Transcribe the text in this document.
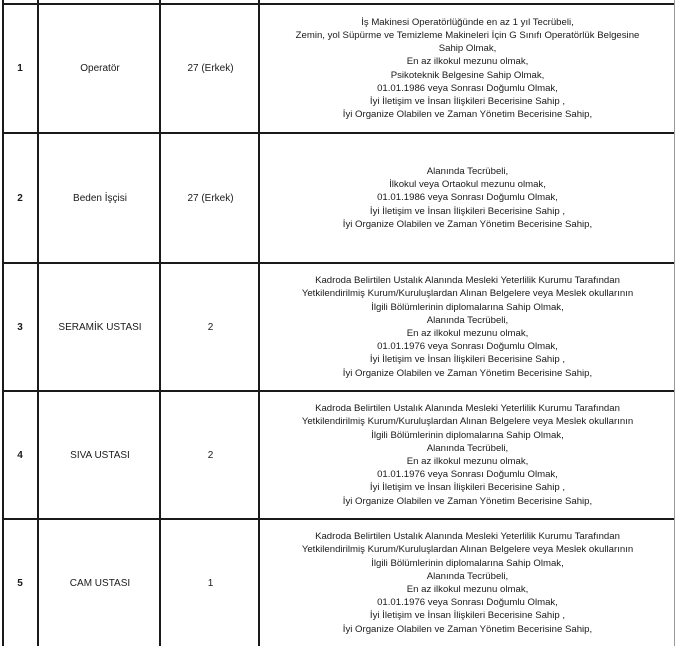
1	Operatör	27 (Erkek)
İş Makinesi Operatörlüğünde en az 1 yıl Tecrübeli,
Zemin, yol Süpürme ve Temizleme Makineleri İçin G Sınıfı Operatörlük Belgesine
Sahip Olmak,
En az ilkokul mezunu olmak,
Psikoteknik Belgesine Sahip Olmak,
01.01.1986 veya Sonrası Doğumlu Olmak,
İyi İletişim ve İnsan İlişkileri Becerisine Sahip ,
İyi Organize Olabilen ve Zaman Yönetim Becerisine Sahip,
2	Beden İşçisi	27 (Erkek)
Alanında Tecrübeli,
İlkokul veya Ortaokul mezunu olmak,
01.01.1986 veya Sonrası Doğumlu Olmak,
İyi İletişim ve İnsan İlişkileri Becerisine Sahip ,
İyi Organize Olabilen ve Zaman Yönetim Becerisine Sahip,
3	SERAMİK USTASI	2
Kadroda Belirtilen Ustalık Alanında Mesleki Yeterlilik Kurumu Tarafından
Yetkilendirilmiş Kurum/Kuruluşlardan Alınan Belgelere veya Meslek okullarının
İlgili Bölümlerinin diplomalarına Sahip Olmak,
Alanında Tecrübeli,
En az ilkokul mezunu olmak,
01.01.1976 veya Sonrası Doğumlu Olmak,
İyi İletişim ve İnsan İlişkileri Becerisine Sahip ,
İyi Organize Olabilen ve Zaman Yönetim Becerisine Sahip,
4	SIVA USTASI	2
Kadroda Belirtilen Ustalık Alanında Mesleki Yeterlilik Kurumu Tarafından
Yetkilendirilmiş Kurum/Kuruluşlardan Alınan Belgelere veya Meslek okullarının
İlgili Bölümlerinin diplomalarına Sahip Olmak,
Alanında Tecrübeli,
En az ilkokul mezunu olmak,
01.01.1976 veya Sonrası Doğumlu Olmak,
İyi İletişim ve İnsan İlişkileri Becerisine Sahip ,
İyi Organize Olabilen ve Zaman Yönetim Becerisine Sahip,
5	CAM USTASI	1
Kadroda Belirtilen Ustalık Alanında Mesleki Yeterlilik Kurumu Tarafından
Yetkilendirilmiş Kurum/Kuruluşlardan Alınan Belgelere veya Meslek okullarının
İlgili Bölümlerinin diplomalarına Sahip Olmak,
Alanında Tecrübeli,
En az ilkokul mezunu olmak,
01.01.1976 veya Sonrası Doğumlu Olmak,
İyi İletişim ve İnsan İlişkileri Becerisine Sahip ,
İyi Organize Olabilen ve Zaman Yönetim Becerisine Sahip,
